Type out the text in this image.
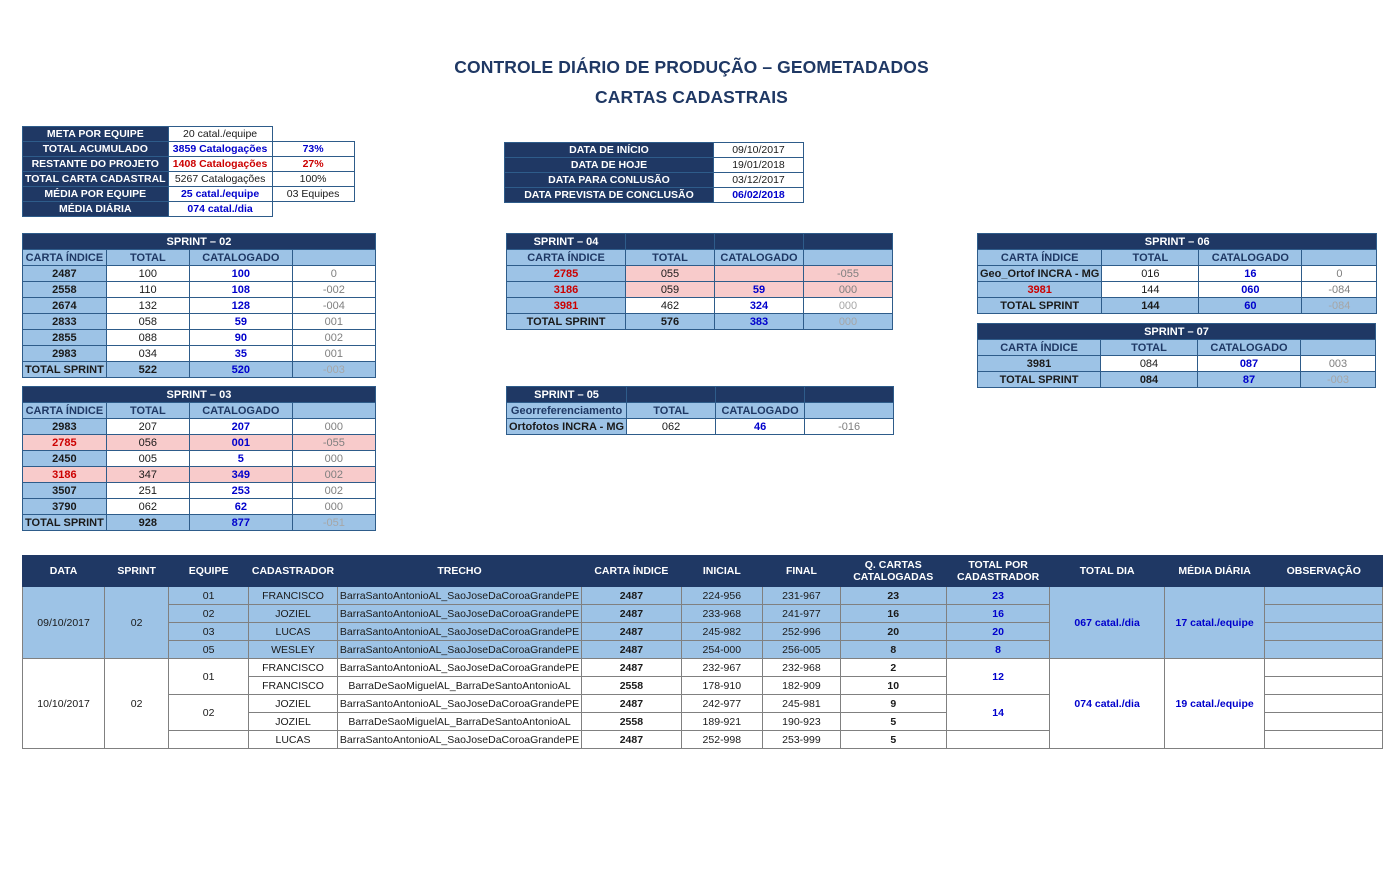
CONTROLE DIÁRIO DE PRODUÇÃO – GEOMETADADOS
CARTAS CADASTRAIS
META POR EQUIPE	20 catal./equipe	
TOTAL ACUMULADO	3859 Catalogações	73%
RESTANTE DO PROJETO	1408 Catalogações	27%
TOTAL CARTA CADASTRAL	5267 Catalogações	100%
MÉDIA POR EQUIPE	25 catal./equipe	03 Equipes
MÉDIA DIÁRIA	074 catal./dia	
DATA DE INÍCIO	09/10/2017
DATA DE HOJE	19/01/2018
DATA PARA CONLUSÃO	03/12/2017
DATA PREVISTA DE CONCLUSÃO	06/02/2018
SPRINT – 02			
CARTA ÍNDICE	TOTAL	CATALOGADO	
2487	100	100	0
2558	110	108	-002
2674	132	128	-004
2833	058	59	001
2855	088	90	002
2983	034	35	001
TOTAL SPRINT	522	520	-003
SPRINT – 03			
CARTA ÍNDICE	TOTAL	CATALOGADO	
2983	207	207	000
2785	056	001	-055
2450	005	5	000
3186	347	349	002
3507	251	253	002
3790	062	62	000
TOTAL SPRINT	928	877	-051
SPRINT – 04			
CARTA ÍNDICE	TOTAL	CATALOGADO	
2785	055		-055
3186	059	59	000
3981	462	324	000
TOTAL SPRINT	576	383	000
SPRINT – 05			
Georreferenciamento	TOTAL	CATALOGADO	
Ortofotos INCRA - MG	062	46	-016
SPRINT – 06			
CARTA ÍNDICE	TOTAL	CATALOGADO	
Geo_Ortof INCRA - MG	016	16	0
3981	144	060	-084
TOTAL SPRINT	144	60	-084
SPRINT – 07			
CARTA ÍNDICE	TOTAL	CATALOGADO	
3981	084	087	003
TOTAL SPRINT	084	87	-003
DATA	SPRINT	EQUIPE	CADASTRADOR	TRECHO	CARTA ÍNDICE	INICIAL	FINAL	Q. CARTAS CATALOGADAS	TOTAL POR CADASTRADOR	TOTAL DIA	MÉDIA DIÁRIA	OBSERVAÇÃO
09/10/2017	02	01	FRANCISCO	BarraSantoAntonioAL_SaoJoseDaCoroaGrandePE	2487	224-956	231-967	23	23	067 catal./dia	17 catal./equipe	
		02	JOZIEL	BarraSantoAntonioAL_SaoJoseDaCoroaGrandePE	2487	233-968	241-977	16	16			
		03	LUCAS	BarraSantoAntonioAL_SaoJoseDaCoroaGrandePE	2487	245-982	252-996	20	20			
		05	WESLEY	BarraSantoAntonioAL_SaoJoseDaCoroaGrandePE	2487	254-000	256-005	8	8			
10/10/2017	02	01	FRANCISCO	BarraSantoAntonioAL_SaoJoseDaCoroaGrandePE	2487	232-967	232-968	2	12	074 catal./dia	19 catal./equipe	
			FRANCISCO	BarraDeSaoMiguelAL_BarraDeSantoAntonioAL	2558	178-910	182-909	10				
		02	JOZIEL	BarraSantoAntonioAL_SaoJoseDaCoroaGrandePE	2487	242-977	245-981	9	14			
			JOZIEL	BarraDeSaoMiguelAL_BarraDeSantoAntonioAL	2558	189-921	190-923	5				
			LUCAS	BarraSantoAntonioAL_SaoJoseDaCoroaGrandePE	2487	252-998	253-999	5				
